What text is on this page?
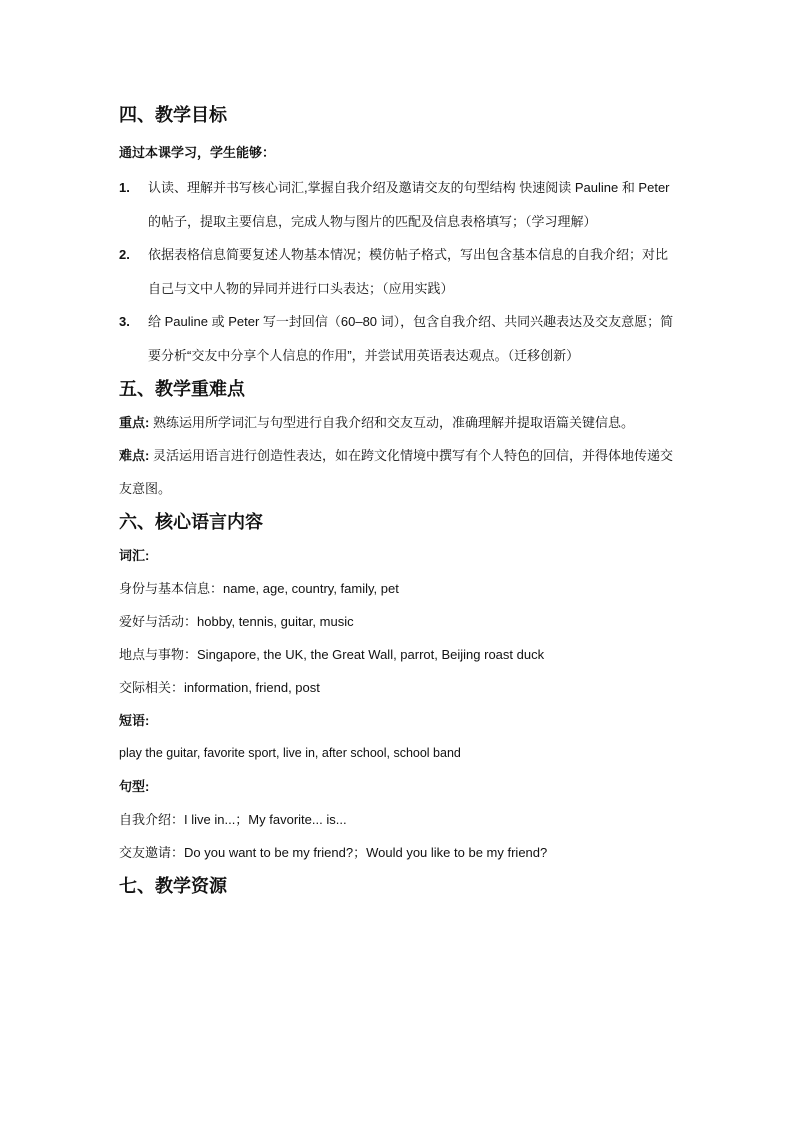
四、教学目标

通过本课学习，学生能够：

1. 认读、理解并书写核心词汇,掌握自我介绍及邀请交友的句型结构 快速阅读 Pauline 和 Peter 的帖子，提取主要信息，完成人物与图片的匹配及信息表格填写；（学习理解）
2. 依据表格信息简要复述人物基本情况；模仿帖子格式，写出包含基本信息的自我介绍；对比自己与文中人物的异同并进行口头表达；（应用实践）
3. 给 Pauline 或 Peter 写一封回信（60–80 词），包含自我介绍、共同兴趣表达及交友意愿；简要分析“交友中分享个人信息的作用”，并尝试用英语表达观点。（迁移创新）
五、教学重难点

重点: 熟练运用所学词汇与句型进行自我介绍和交友互动，准确理解并提取语篇关键信息。

难点: 灵活运用语言进行创造性表达，如在跨文化情境中撰写有个人特色的回信，并得体地传递交友意图。

六、核心语言内容

词汇:

身份与基本信息：name, age, country, family, pet

爱好与活动：hobby, tennis, guitar, music

地点与事物：Singapore, the UK, the Great Wall, parrot, Beijing roast duck

交际相关：information, friend, post

短语:

play the guitar, favorite sport, live in, after school, school band

句型:

自我介绍：I live in...；My favorite... is...

交友邀请：Do you want to be my friend?；Would you like to be my friend?

七、教学资源
